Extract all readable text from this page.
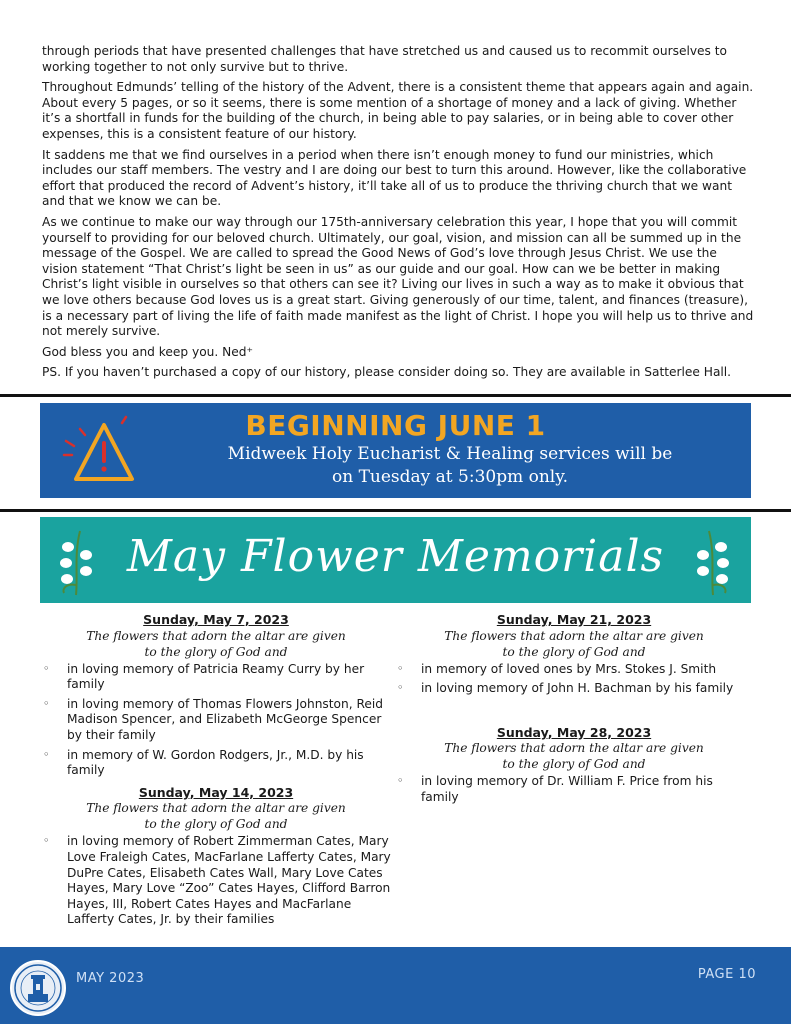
through periods that have presented challenges that have stretched us and caused us to recommit ourselves to working together to not only survive but to thrive.

Throughout Edmunds’ telling of the history of the Advent, there is a consistent theme that appears again and again. About every 5 pages, or so it seems, there is some mention of a shortage of money and a lack of giving. Whether it’s a shortfall in funds for the building of the church, in being able to pay salaries, or in being able to cover other expenses, this is a consistent feature of our history.

It saddens me that we find ourselves in a period when there isn’t enough money to fund our ministries, which includes our staff members. The vestry and I are doing our best to turn this around. However, like the collaborative effort that produced the record of Advent’s history, it’ll take all of us to produce the thriving church that we want and that we know we can be.

As we continue to make our way through our 175th-anniversary celebration this year, I hope that you will commit yourself to providing for our beloved church. Ultimately, our goal, vision, and mission can all be summed up in the message of the Gospel. We are called to spread the Good News of God’s love through Jesus Christ. We use the vision statement “That Christ’s light be seen in us” as our guide and our goal. How can we be better in making Christ’s light visible in ourselves so that others can see it? Living our lives in such a way as to make it obvious that we love others because God loves us is a great start. Giving generously of our time, talent, and finances (treasure), is a necessary part of living the life of faith made manifest as the light of Christ. I hope you will help us to thrive and not merely survive.

God bless you and keep you. Ned⁺

PS. If you haven’t purchased a copy of our history, please consider doing so. They are available in Satterlee Hall.

BEGINNING JUNE 1
Midweek Holy Eucharist & Healing services will be
on Tuesday at 5:30pm only.
May Flower Memorials
Sunday, May 7, 2023
The flowers that adorn the altar are given
to the glory of God and
◦ in loving memory of Patricia Reamy Curry by her family
◦ in loving memory of Thomas Flowers Johnston, Reid Madison Spencer, and Elizabeth McGeorge Spencer by their family
◦ in memory of W. Gordon Rodgers, Jr., M.D. by his family
Sunday, May 14, 2023
The flowers that adorn the altar are given
to the glory of God and
◦ in loving memory of Robert Zimmerman Cates, Mary Love Fraleigh Cates, MacFarlane Lafferty Cates, Mary DuPre Cates, Elisabeth Cates Wall, Mary Love Cates Hayes, Mary Love “Zoo” Cates Hayes, Clifford Barron Hayes, III, Robert Cates Hayes and MacFarlane Lafferty Cates, Jr. by their families
Sunday, May 21, 2023
The flowers that adorn the altar are given
to the glory of God and
◦ in memory of loved ones by Mrs. Stokes J. Smith
◦ in loving memory of John H. Bachman by his family
Sunday, May 28, 2023
The flowers that adorn the altar are given
to the glory of God and
◦ in loving memory of Dr. William F. Price from his family
MAY 2023	PAGE 10
